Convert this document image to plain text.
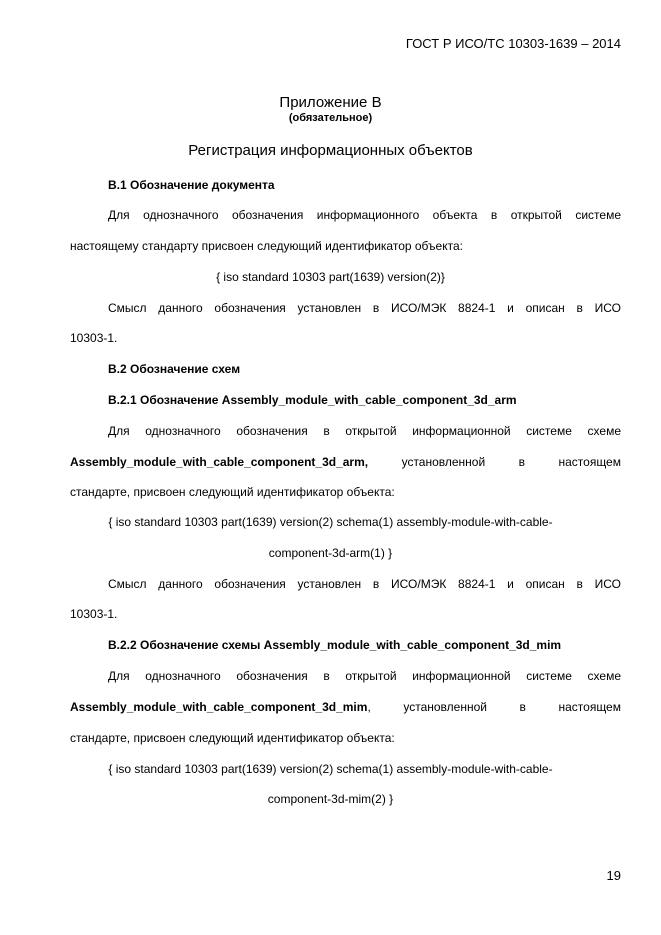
ГОСТ Р ИСО/ТС 10303-1639 – 2014
Приложение В
(обязательное)
Регистрация информационных объектов
В.1 Обозначение документа
Для однозначного обозначения информационного объекта в открытой системе
настоящему стандарту присвоен следующий идентификатор объекта:
{ iso standard 10303 part(1639) version(2)}
Смысл данного обозначения установлен в ИСО/МЭК 8824-1 и описан в ИСО
10303-1.
В.2 Обозначение схем
В.2.1 Обозначение Assembly_module_with_cable_component_3d_arm
Для однозначного обозначения в открытой информационной системе схеме
Assembly_module_with_cable_component_3d_arm,	установленной в настоящем
стандарте, присвоен следующий идентификатор объекта:
{ iso standard 10303 part(1639) version(2) schema(1) assembly-module-with-cable-
component-3d-arm(1) }
Смысл данного обозначения установлен в ИСО/МЭК 8824-1 и описан в ИСО
10303-1.
В.2.2 Обозначение схемы Assembly_module_with_cable_component_3d_mim
Для однозначного обозначения в открытой информационной системе схеме
Assembly_module_with_cable_component_3d_mim,	установленной в настоящем
стандарте, присвоен следующий идентификатор объекта:
{ iso standard 10303 part(1639) version(2) schema(1) assembly-module-with-cable-
component-3d-mim(2) }
19
